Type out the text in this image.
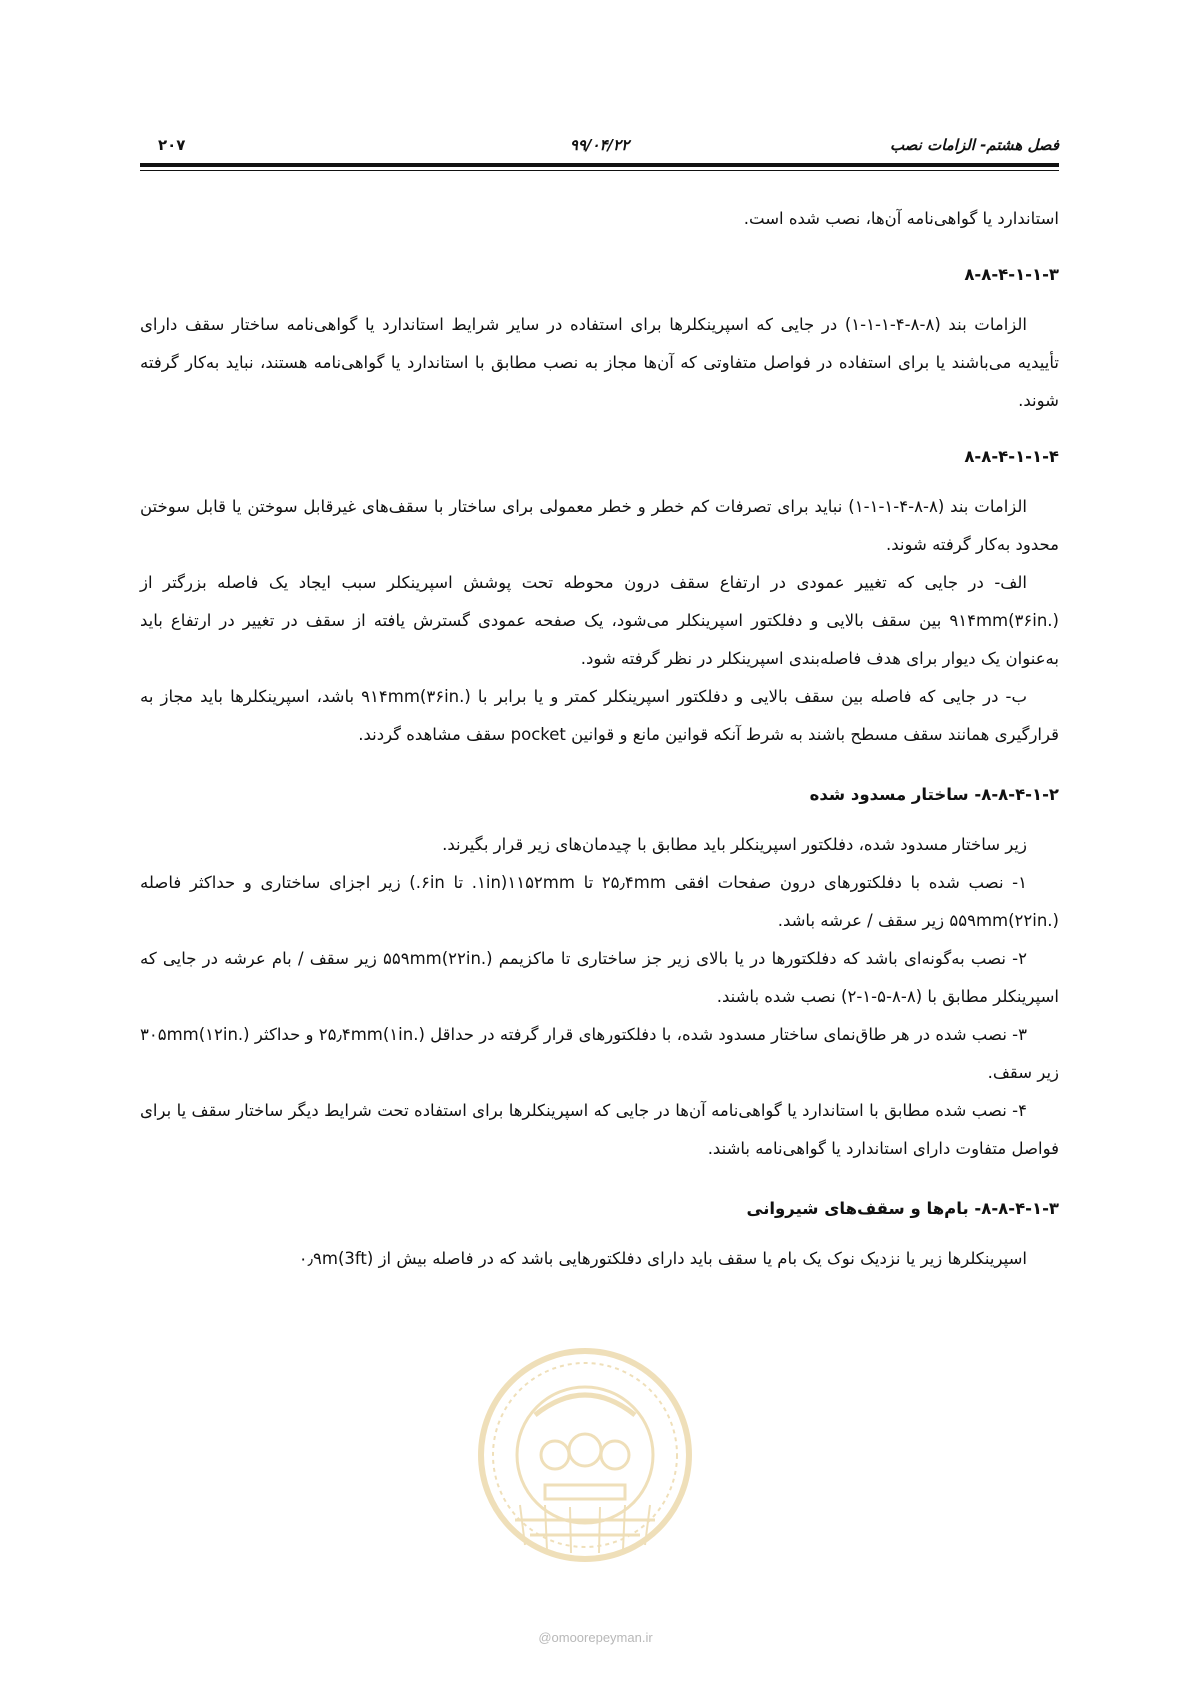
فصل هشتم- الزامات نصب
۹۹/۰۴/۲۲
۲۰۷

استاندارد یا گواهی‌نامه آن‌ها، نصب شده است.

۸-۸-۴-۱-۱-۳

الزامات بند (۸-۸-۴-۱-۱-۱) در جایی که اسپرینکلرها برای استفاده در سایر شرایط استاندارد یا گواهی‌نامه ساختار سقف دارای تأییدیه می‌باشند یا برای استفاده در فواصل متفاوتی که آن‌ها مجاز به نصب مطابق با استاندارد یا گواهی‌نامه هستند، نباید به‌کار گرفته شوند.

۸-۸-۴-۱-۱-۴

الزامات بند (۸-۸-۴-۱-۱-۱) نباید برای تصرفات کم خطر و خطر معمولی برای ساختار با سقف‌های غیرقابل سوختن یا قابل سوختن محدود به‌کار گرفته شوند.

الف- در جایی که تغییر عمودی در ارتفاع سقف درون محوطه تحت پوشش اسپرینکلر سبب ایجاد یک فاصله بزرگتر از ۹۱۴mm(۳۶in.) بین سقف بالایی و دفلکتور اسپرینکلر می‌شود، یک صفحه عمودی گسترش یافته از سقف در تغییر در ارتفاع باید به‌عنوان یک دیوار برای هدف فاصله‌بندی اسپرینکلر در نظر گرفته شود.

ب- در جایی که فاصله بین سقف بالایی و دفلکتور اسپرینکلر کمتر و یا برابر با ۹۱۴mm(۳۶in.) باشد، اسپرینکلرها باید مجاز به قرارگیری همانند سقف مسطح باشند به شرط آنکه قوانین مانع و قوانین pocket سقف مشاهده گردند.

۸-۸-۴-۱-۲- ساختار مسدود شده

زیر ساختار مسدود شده، دفلکتور اسپرینکلر باید مطابق با چیدمان‌های زیر قرار بگیرند.

۱- نصب شده با دفلکتورهای درون صفحات افقی ۲۵٫۴mm تا ۱۱۵۲mm(۱in. تا ۶in.) زیر اجزای ساختاری و حداکثر فاصله ۵۵۹mm(۲۲in.) زیر سقف / عرشه باشد.

۲- نصب به‌گونه‌ای باشد که دفلکتورها در یا بالای زیر جز ساختاری تا ماکزیمم ۵۵۹mm(۲۲in.) زیر سقف / بام عرشه در جایی که اسپرینکلر مطابق با (۸-۸-۵-۱-۲) نصب شده باشند.

۳- نصب شده در هر طاق‌نمای ساختار مسدود شده، با دفلکتورهای قرار گرفته در حداقل ۲۵٫۴mm(۱in.) و حداکثر ۳۰۵mm(۱۲in.) زیر سقف.

۴- نصب شده مطابق با استاندارد یا گواهی‌نامه آن‌ها در جایی که اسپرینکلرها برای استفاده تحت شرایط دیگر ساختار سقف یا برای فواصل متفاوت دارای استاندارد یا گواهی‌نامه باشند.

۸-۸-۴-۱-۳- بام‌ها و سقف‌های شیروانی

اسپرینکلرها زیر یا نزدیک نوک یک بام یا سقف باید دارای دفلکتورهایی باشد که در فاصله بیش از ۰٫۹m(3ft)

@omoorepeyman.ir
